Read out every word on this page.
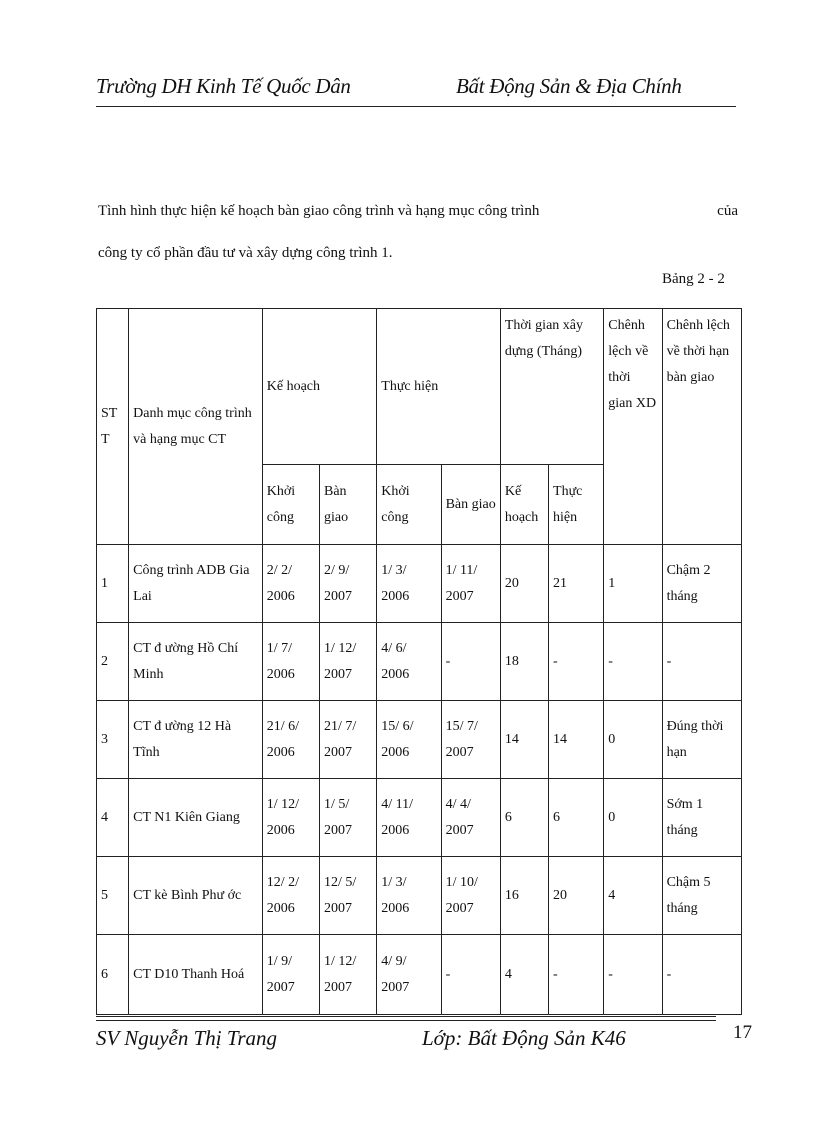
Trường DH Kinh Tế Quốc Dân	Bất Động Sản & Địa Chính
Tình hình thực hiện kế hoạch bàn giao công trình và hạng mục công trình	của
công ty cổ phần đầu tư và xây dựng công trình 1.
Bảng 2 - 2
STT	Danh mục công trình và hạng mục CT	Kế hoạch		Thực hiện		Thời gian xây dựng (Tháng)		Chênh lệch về thời gian XD	Chênh lệch về thời hạn bàn giao
		Khởi công	Bàn giao	Khởi công	Bàn giao	Kế hoạch	Thực hiện		
1	Công trình ADB Gia Lai	2/ 2/ 2006	2/ 9/ 2007	1/ 3/ 2006	1/ 11/ 2007	20	21	1	Chậm 2 tháng
2	CT đ ường Hồ Chí Minh	1/ 7/ 2006	1/ 12/ 2007	4/ 6/ 2006	-	18	-	-	-
3	CT đ ường 12 Hà Tĩnh	21/ 6/ 2006	21/ 7/ 2007	15/ 6/ 2006	15/ 7/ 2007	14	14	0	Đúng thời hạn
4	CT N1 Kiên Giang	1/ 12/ 2006	1/ 5/ 2007	4/ 11/ 2006	4/ 4/ 2007	6	6	0	Sớm 1 tháng
5	CT kè Bình Phư ớc	12/ 2/ 2006	12/ 5/ 2007	1/ 3/ 2006	1/ 10/ 2007	16	20	4	Chậm 5 tháng
6	CT D10 Thanh Hoá	1/ 9/ 2007	1/ 12/ 2007	4/ 9/ 2007	-	4	-	-	-
SV Nguyễn Thị Trang	Lớp: Bất Động Sản K46	17
